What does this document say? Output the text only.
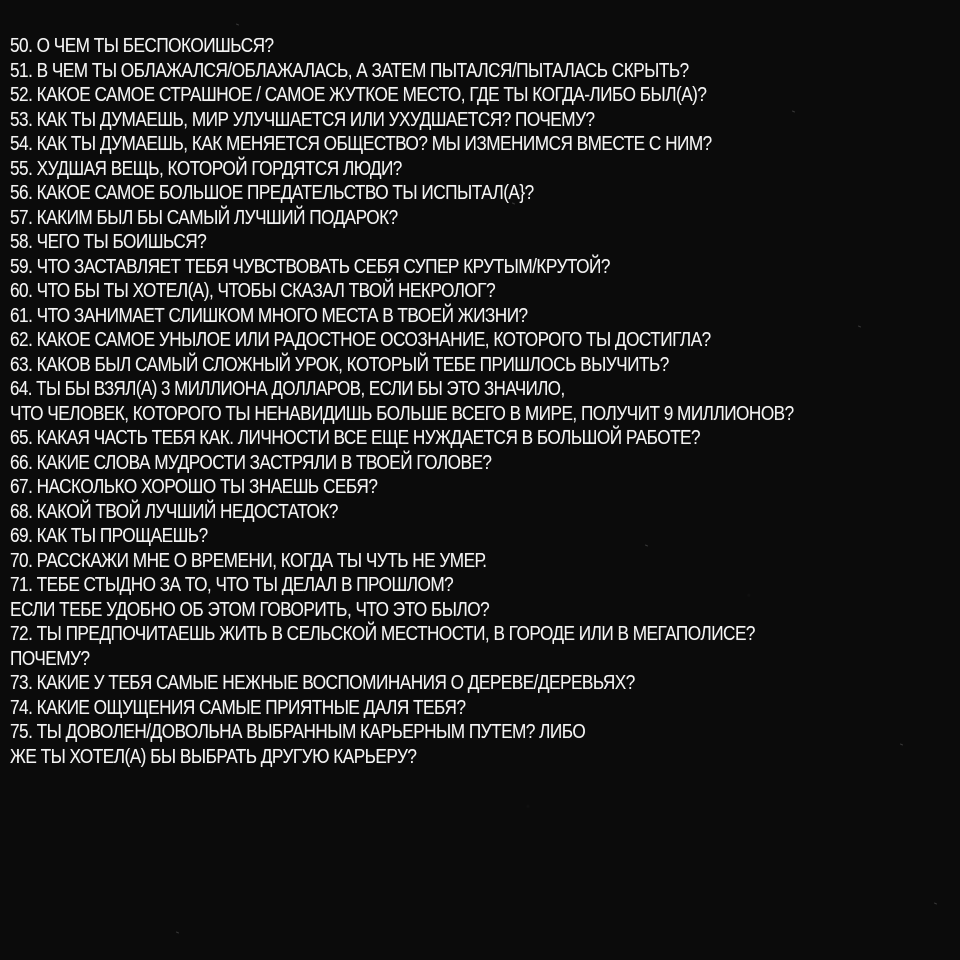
50. О ЧЕМ ТЫ БЕСПОКОИШЬСЯ?
51. В ЧЕМ ТЫ ОБЛАЖАЛСЯ/ОБЛАЖАЛАСЬ, А ЗАТЕМ ПЫТАЛСЯ/ПЫТАЛАСЬ СКРЫТЬ?
52. КАКОЕ САМОЕ СТРАШНОЕ / САМОЕ ЖУТКОЕ МЕСТО, ГДЕ ТЫ КОГДА-ЛИБО БЫЛ(А)?
53. КАК ТЫ ДУМАЕШЬ, МИР УЛУЧШАЕТСЯ ИЛИ УХУДШАЕТСЯ? ПОЧЕМУ?
54. КАК ТЫ ДУМАЕШЬ, КАК МЕНЯЕТСЯ ОБЩЕСТВО? МЫ ИЗМЕНИМСЯ ВМЕСТЕ С НИМ?
55. ХУДШАЯ ВЕЩЬ, КОТОРОЙ ГОРДЯТСЯ ЛЮДИ?
56. КАКОЕ САМОЕ БОЛЬШОЕ ПРЕДАТЕЛЬСТВО ТЫ ИСПЫТАЛ(А}?
57. КАКИМ БЫЛ БЫ САМЫЙ ЛУЧШИЙ ПОДАРОК?
58. ЧЕГО ТЫ БОИШЬСЯ?
59. ЧТО ЗАСТАВЛЯЕТ ТЕБЯ ЧУВСТВОВАТЬ СЕБЯ СУПЕР КРУТЫМ/КРУТОЙ?
60. ЧТО БЫ ТЫ ХОТЕЛ(А), ЧТОБЫ СКАЗАЛ ТВОЙ НЕКРОЛОГ?
61. ЧТО ЗАНИМАЕТ СЛИШКОМ МНОГО МЕСТА В ТВОЕЙ ЖИЗНИ?
62. КАКОЕ САМОЕ УНЫЛОЕ ИЛИ РАДОСТНОЕ ОСОЗНАНИЕ, КОТОРОГО ТЫ ДОСТИГЛА?
63. КАКОВ БЫЛ САМЫЙ СЛОЖНЫЙ УРОК, КОТОРЫЙ ТЕБЕ ПРИШЛОСЬ ВЫУЧИТЬ?
64. ТЫ БЫ ВЗЯЛ(А) 3 МИЛЛИОНА ДОЛЛАРОВ, ЕСЛИ БЫ ЭТО ЗНАЧИЛО,
ЧТО ЧЕЛОВЕК, КОТОРОГО ТЫ НЕНАВИДИШЬ БОЛЬШЕ ВСЕГО В МИРЕ, ПОЛУЧИТ 9 МИЛЛИОНОВ?
65. КАКАЯ ЧАСТЬ ТЕБЯ КАК. ЛИЧНОСТИ ВСЕ ЕЩЕ НУЖДАЕТСЯ В БОЛЬШОЙ РАБОТЕ?
66. КАКИЕ СЛОВА МУДРОСТИ ЗАСТРЯЛИ В ТВОЕЙ ГОЛОВЕ?
67. НАСКОЛЬКО ХОРОШО ТЫ ЗНАЕШЬ СЕБЯ?
68. КАКОЙ ТВОЙ ЛУЧШИЙ НЕДОСТАТОК?
69. КАК ТЫ ПРОЩАЕШЬ?
70. РАССКАЖИ МНЕ О ВРЕМЕНИ, КОГДА ТЫ ЧУТЬ НЕ УМЕР.
71. ТЕБЕ СТЫДНО ЗА ТО, ЧТО ТЫ ДЕЛАЛ В ПРОШЛОМ?
ЕСЛИ ТЕБЕ УДОБНО ОБ ЭТОМ ГОВОРИТЬ, ЧТО ЭТО БЫЛО?
72. ТЫ ПРЕДПОЧИТАЕШЬ ЖИТЬ В СЕЛЬСКОЙ МЕСТНОСТИ, В ГОРОДЕ ИЛИ В МЕГАПОЛИСЕ?
ПОЧЕМУ?
73. КАКИЕ У ТЕБЯ САМЫЕ НЕЖНЫЕ ВОСПОМИНАНИЯ О ДЕРЕВЕ/ДЕРЕВЬЯХ?
74. КАКИЕ ОЩУЩЕНИЯ САМЫЕ ПРИЯТНЫЕ ДАЛЯ ТЕБЯ?
75. ТЫ ДОВОЛЕН/ДОВОЛЬНА ВЫБРАННЫМ КАРЬЕРНЫМ ПУТЕМ? ЛИБО
ЖЕ ТЫ ХОТЕЛ(А) БЫ ВЫБРАТЬ ДРУГУЮ КАРЬЕРУ?
